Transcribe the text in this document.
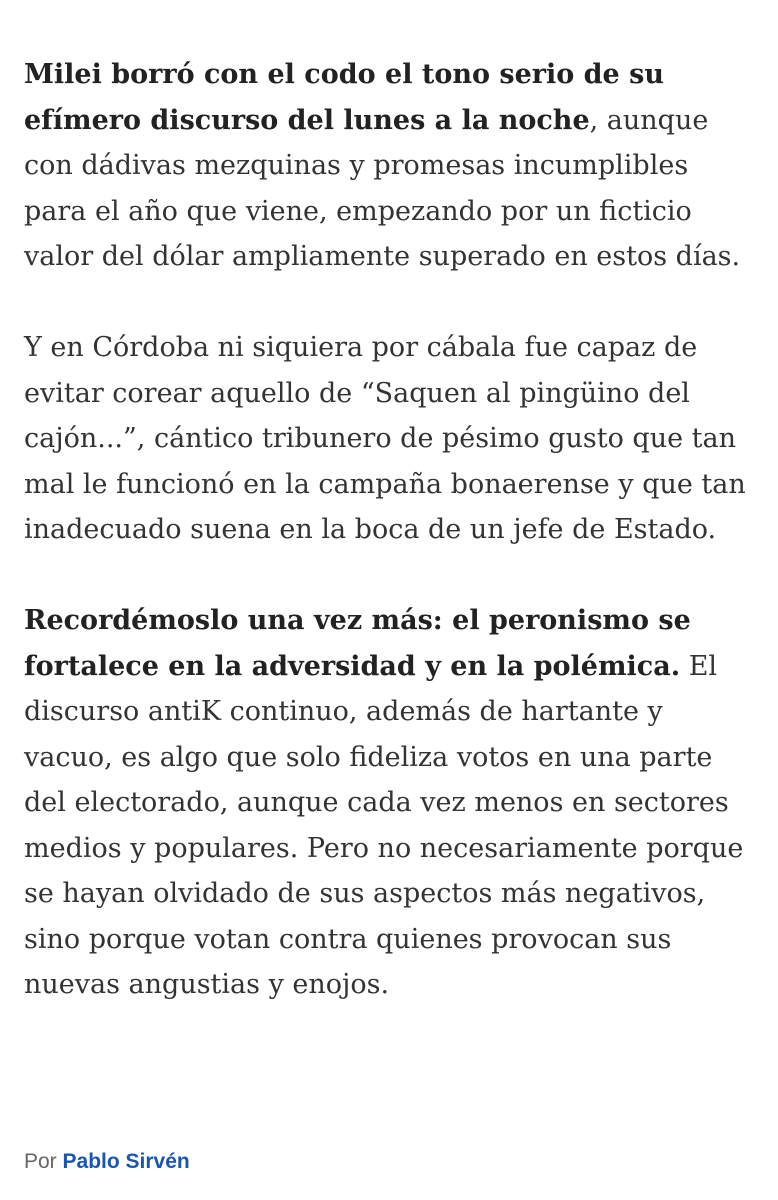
Milei borró con el codo el tono serio de su efímero discurso del lunes a la noche, aunque con dádivas mezquinas y promesas incumplibles para el año que viene, empezando por un ficticio valor del dólar ampliamente superado en estos días.

Y en Córdoba ni siquiera por cábala fue capaz de evitar corear aquello de “Saquen al pingüino del cajón...”, cántico tribunero de pésimo gusto que tan mal le funcionó en la campaña bonaerense y que tan inadecuado suena en la boca de un jefe de Estado.

Recordémoslo una vez más: el peronismo se fortalece en la adversidad y en la polémica. El discurso antiK continuo, además de hartante y vacuo, es algo que solo fideliza votos en una parte del electorado, aunque cada vez menos en sectores medios y populares. Pero no necesariamente porque se hayan olvidado de sus aspectos más negativos, sino porque votan contra quienes provocan sus nuevas angustias y enojos.

Por Pablo Sirvén
